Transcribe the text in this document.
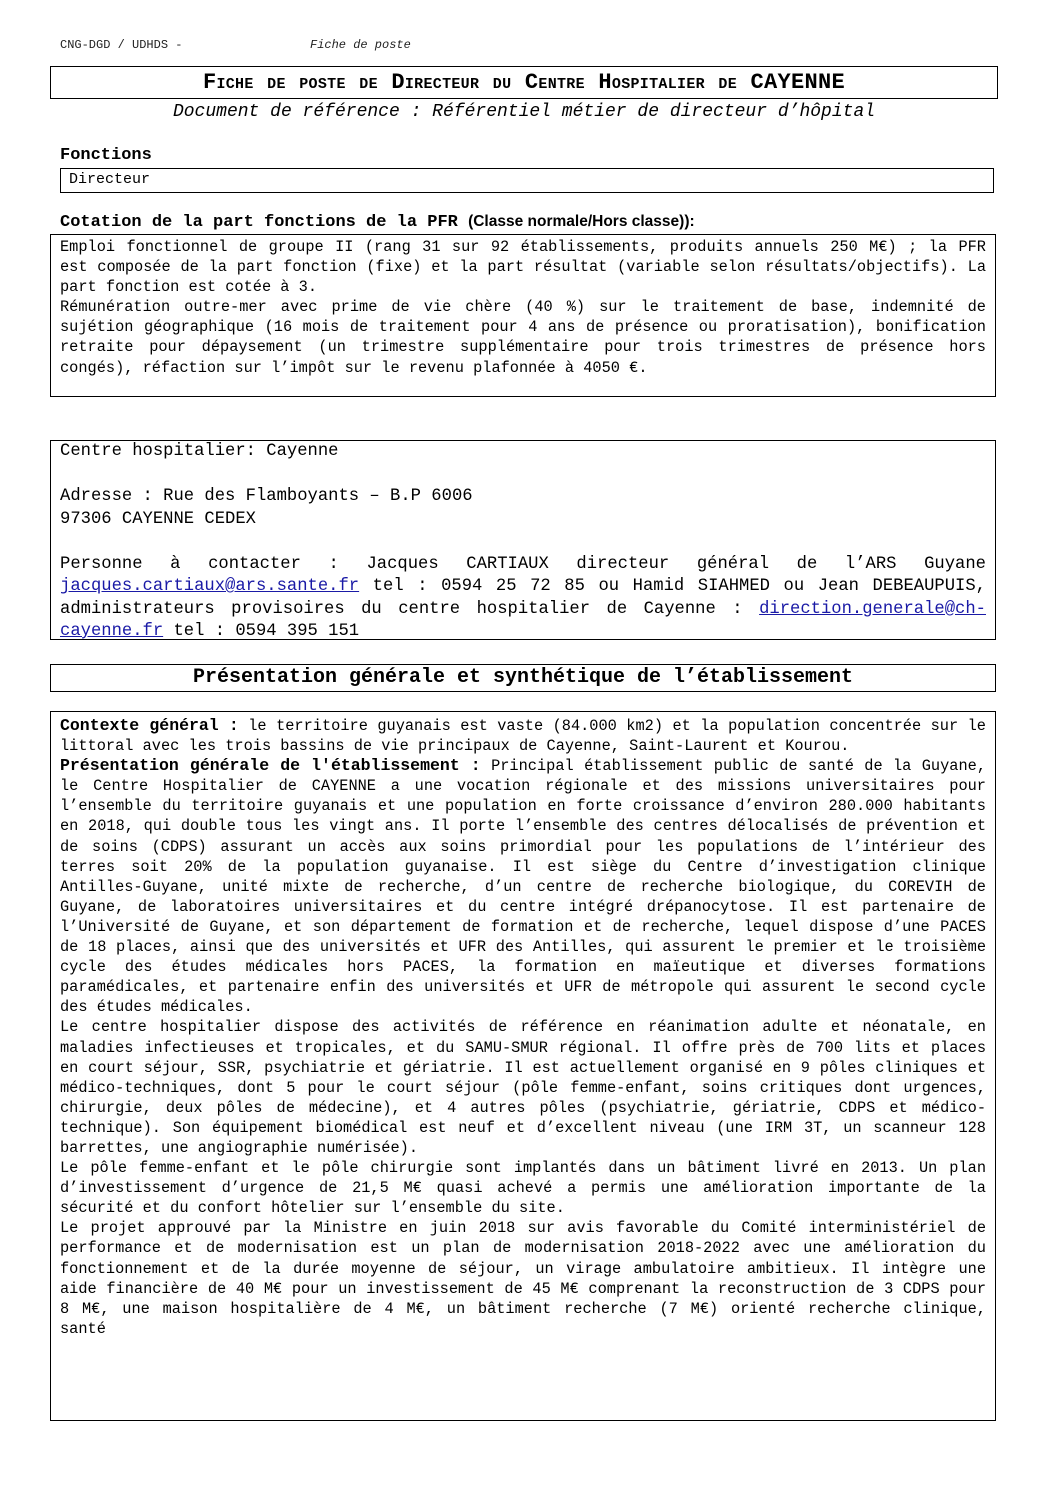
CNG-DGD / UDHDS -	Fiche de poste
Fiche de poste de Directeur du Centre Hospitalier de CAYENNE
Document de référence : Référentiel métier de directeur d’hôpital
Fonctions
Directeur
Cotation de la part fonctions de la PFR (Classe normale/Hors classe)):
Emploi fonctionnel de groupe II (rang 31 sur 92 établissements, produits annuels 250 M€) ; la PFR est composée de la part fonction (fixe) et la part résultat (variable selon résultats/objectifs). La part fonction est cotée à 3.
Rémunération outre-mer avec prime de vie chère (40 %) sur le traitement de base, indemnité de sujétion géographique (16 mois de traitement pour 4 ans de présence ou proratisation), bonification retraite pour dépaysement (un trimestre supplémentaire pour trois trimestres de présence hors congés), réfaction sur l’impôt sur le revenu plafonnée à 4050 €.

Centre hospitalier: Cayenne

Adresse : Rue des Flamboyants – B.P 6006

97306 CAYENNE CEDEX

Personne à contacter : Jacques CARTIAUX directeur général de l’ARS Guyane jacques.cartiaux@ars.sante.fr tel : 0594 25 72 85 ou Hamid SIAHMED ou Jean DEBEAUPUIS, administrateurs provisoires du centre hospitalier de Cayenne : direction.generale@ch-cayenne.fr tel : 0594 395 151

Présentation générale et synthétique de l’établissement

Contexte général : le territoire guyanais est vaste (84.000 km2) et la population concentrée sur le littoral avec les trois bassins de vie principaux de Cayenne, Saint-Laurent et Kourou.

Présentation générale de l'établissement : Principal établissement public de santé de la Guyane, le Centre Hospitalier de CAYENNE a une vocation régionale et des missions universitaires pour l’ensemble du territoire guyanais et une population en forte croissance d’environ 280.000 habitants en 2018, qui double tous les vingt ans. Il porte l’ensemble des centres délocalisés de prévention et de soins (CDPS) assurant un accès aux soins primordial pour les populations de l’intérieur des terres soit 20% de la population guyanaise. Il est siège du Centre d’investigation clinique Antilles-Guyane, unité mixte de recherche, d’un centre de recherche biologique, du COREVIH de Guyane, de laboratoires universitaires et du centre intégré drépanocytose. Il est partenaire de l’Université de Guyane, et son département de formation et de recherche, lequel dispose d’une PACES de 18 places, ainsi que des universités et UFR des Antilles, qui assurent le premier et le troisième cycle des études médicales hors PACES, la formation en maïeutique et diverses formations paramédicales, et partenaire enfin des universités et UFR de métropole qui assurent le second cycle des études médicales.

Le centre hospitalier dispose des activités de référence en réanimation adulte et néonatale, en maladies infectieuses et tropicales, et du SAMU-SMUR régional. Il offre près de 700 lits et places en court séjour, SSR, psychiatrie et gériatrie. Il est actuellement organisé en 9 pôles cliniques et médico-techniques, dont 5 pour le court séjour (pôle femme-enfant, soins critiques dont urgences, chirurgie, deux pôles de médecine), et 4 autres pôles (psychiatrie, gériatrie, CDPS et médico-technique). Son équipement biomédical est neuf et d’excellent niveau (une IRM 3T, un scanneur 128 barrettes, une angiographie numérisée).

Le pôle femme-enfant et le pôle chirurgie sont implantés dans un bâtiment livré en 2013. Un plan d’investissement d’urgence de 21,5 M€ quasi achevé a permis une amélioration importante de la sécurité et du confort hôtelier sur l’ensemble du site.

Le projet approuvé par la Ministre en juin 2018 sur avis favorable du Comité interministériel de performance et de modernisation est un plan de modernisation 2018-2022 avec une amélioration du fonctionnement et de la durée moyenne de séjour, un virage ambulatoire ambitieux. Il intègre une aide financière de 40 M€ pour un investissement de 45 M€ comprenant la reconstruction de 3 CDPS pour 8 M€, une maison hospitalière de 4 M€, un bâtiment recherche (7 M€) orienté recherche clinique, santé
